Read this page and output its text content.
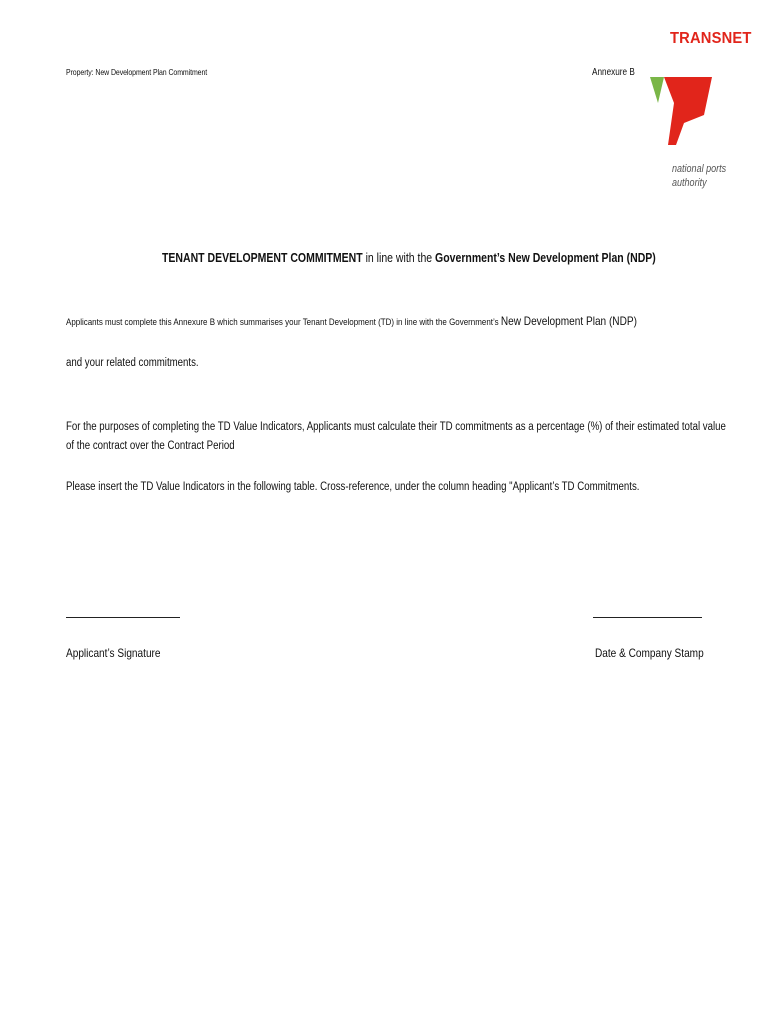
Property: New Development Plan Commitment	Annexure B
TRANSNET
national ports
authority
TENANT DEVELOPMENT COMMITMENT in line with the Government’s New Development Plan (NDP)
Applicants must complete this Annexure B which summarises your Tenant Development (TD) in line with the Government’s New Development Plan (NDP)
and your related commitments.
For the purposes of completing the TD Value Indicators, Applicants must calculate their TD commitments as a percentage (%) of their estimated total value
of the contract over the Contract Period
Please insert the TD Value Indicators in the following table. Cross-reference, under the column heading "Applicant’s TD Commitments.
Applicant’s Signature	Date & Company Stamp
